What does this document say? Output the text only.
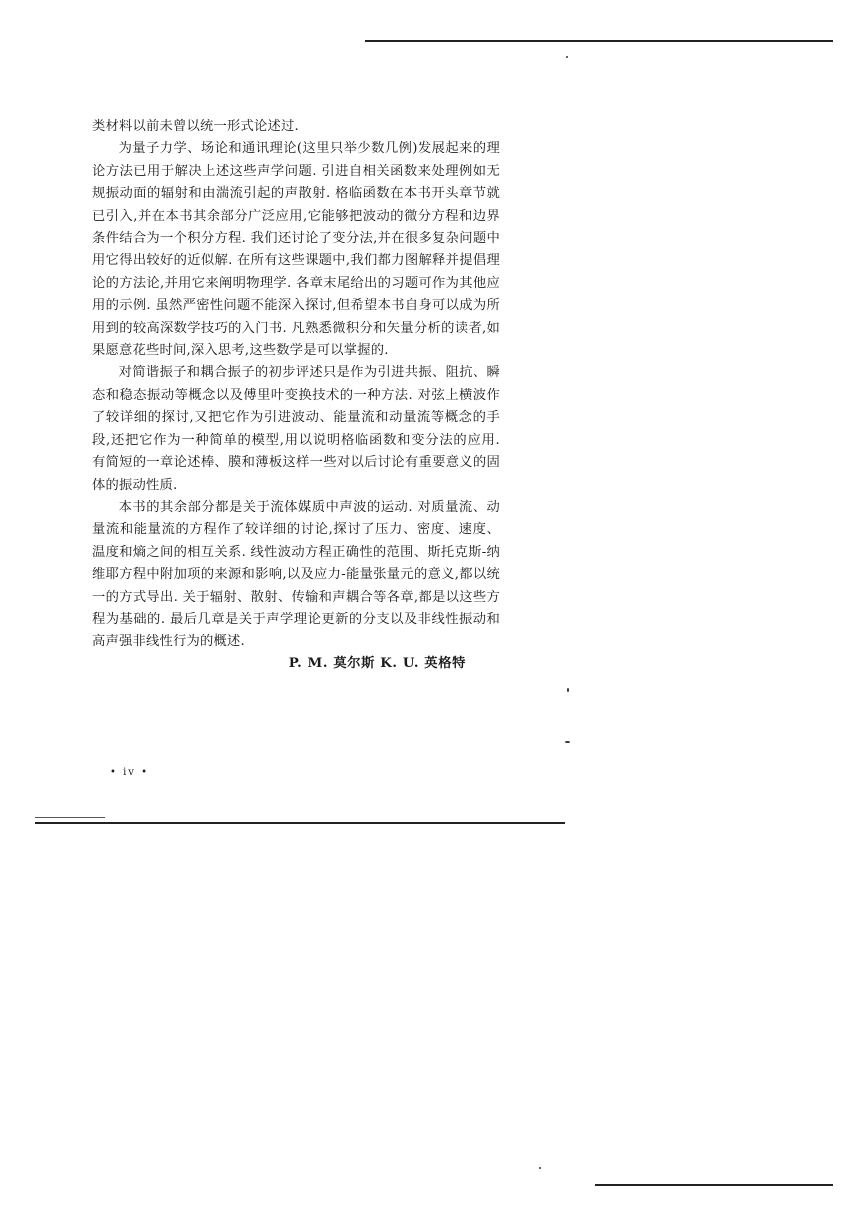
类材料以前未曾以统一形式论述过.

为量子力学、场论和通讯理论(这里只举少数几例)发展起来的理论方法已用于解决上述这些声学问题. 引进自相关函数来处理例如无规振动面的辐射和由湍流引起的声散射. 格临函数在本书开头章节就已引入,并在本书其余部分广泛应用,它能够把波动的微分方程和边界条件结合为一个积分方程. 我们还讨论了变分法,并在很多复杂问题中用它得出较好的近似解. 在所有这些课题中,我们都力图解释并提倡理论的方法论,并用它来阐明物理学. 各章末尾给出的习题可作为其他应用的示例. 虽然严密性问题不能深入探讨,但希望本书自身可以成为所用到的较高深数学技巧的入门书. 凡熟悉微积分和矢量分析的读者,如果愿意花些时间,深入思考,这些数学是可以掌握的.

对简谐振子和耦合振子的初步评述只是作为引进共振、阻抗、瞬态和稳态振动等概念以及傅里叶变换技术的一种方法. 对弦上横波作了较详细的探讨,又把它作为引进波动、能量流和动量流等概念的手段,还把它作为一种简单的模型,用以说明格临函数和变分法的应用. 有简短的一章论述棒、膜和薄板这样一些对以后讨论有重要意义的固体的振动性质.

本书的其余部分都是关于流体媒质中声波的运动. 对质量流、动量流和能量流的方程作了较详细的讨论,探讨了压力、密度、速度、温度和熵之间的相互关系. 线性波动方程正确性的范围、斯托克斯-纳维耶方程中附加项的来源和影响,以及应力-能量张量元的意义,都以统一的方式导出. 关于辐射、散射、传输和声耦合等各章,都是以这些方程为基础的. 最后几章是关于声学理论更新的分支以及非线性振动和高声强非线性行为的概述.

P. M. 莫尔斯 K. U. 英格特
• iv •
